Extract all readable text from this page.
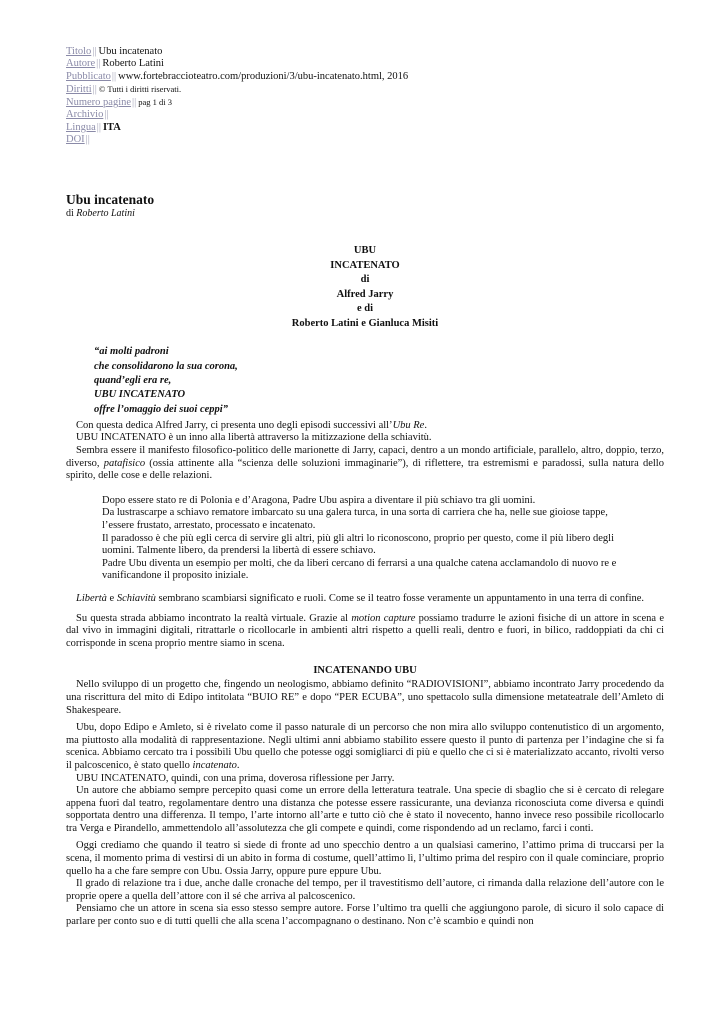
Titolo|| Ubu incatenato
Autore|| Roberto Latini
Pubblicato|| www.fortebraccioteatro.com/produzioni/3/ubu-incatenato.html, 2016
Diritti|| © Tutti i diritti riservati.
Numero pagine|| pag 1 di 3
Archivio||
Lingua|| ITA
DOI||
Ubu incatenato
di Roberto Latini
UBU
INCATENATO
di
Alfred Jarry
e di
Roberto Latini e Gianluca Misiti
“ai molti padroni
che consolidarono la sua corona,
quand’egli era re,
UBU INCATENATO
offre l’omaggio dei suoi ceppi”

Con questa dedica Alfred Jarry, ci presenta uno degli episodi successivi all’Ubu Re.

UBU INCATENATO è un inno alla libertà attraverso la mitizzazione della schiavitù.

Sembra essere il manifesto filosofico-politico delle marionette di Jarry, capaci, dentro a un mondo artificiale, parallelo, altro, doppio, terzo, diverso, patafisico (ossia attinente alla “scienza delle soluzioni immaginarie”), di riflettere, tra estremismi e paradossi, sulla natura dello spirito, delle cose e delle relazioni.

Dopo essere stato re di Polonia e d’Aragona, Padre Ubu aspira a diventare il più schiavo tra gli uomini.

Da lustrascarpe a schiavo rematore imbarcato su una galera turca, in una sorta di carriera che ha, nelle sue gioiose tappe, l’essere frustato, arrestato, processato e incatenato.

Il paradosso è che più egli cerca di servire gli altri, più gli altri lo riconoscono, proprio per questo, come il più libero degli uomini. Talmente libero, da prendersi la libertà di essere schiavo.

Padre Ubu diventa un esempio per molti, che da liberi cercano di ferrarsi a una qualche catena acclamandolo di nuovo re e vanificandone il proposito iniziale.

Libertà e Schiavitù sembrano scambiarsi significato e ruoli. Come se il teatro fosse veramente un appuntamento in una terra di confine.

Su questa strada abbiamo incontrato la realtà virtuale. Grazie al motion capture possiamo tradurre le azioni fisiche di un attore in scena e dal vivo in immagini digitali, ritrattarle o ricollocarle in ambienti altri rispetto a quelli reali, dentro e fuori, in bilico, raddoppiati da chi ci corrisponde in scena proprio mentre siamo in scena.

INCATENANDO UBU

Nello sviluppo di un progetto che, fingendo un neologismo, abbiamo definito “RADIOVISIONI”, abbiamo incontrato Jarry procedendo da una riscrittura del mito di Edipo intitolata “BUIO RE” e dopo “PER ECUBA”, uno spettacolo sulla dimensione metateatrale dell’Amleto di Shakespeare.

Ubu, dopo Edipo e Amleto, si è rivelato come il passo naturale di un percorso che non mira allo sviluppo contenutistico di un argomento, ma piuttosto alla modalità di rappresentazione. Negli ultimi anni abbiamo stabilito essere questo il punto di partenza per l’indagine che si fa scenica. Abbiamo cercato tra i possibili Ubu quello che potesse oggi somigliarci di più e quello che ci si è materializzato accanto, rivolti verso il palcoscenico, è stato quello incatenato.

UBU INCATENATO, quindi, con una prima, doverosa riflessione per Jarry.

Un autore che abbiamo sempre percepito quasi come un errore della letteratura teatrale. Una specie di sbaglio che si è cercato di relegare appena fuori dal teatro, regolamentare dentro una distanza che potesse essere rassicurante, una devianza riconosciuta come diversa e quindi sopportata dentro una differenza. Il tempo, l’arte intorno all’arte e tutto ciò che è stato il novecento, hanno invece reso possibile ricollocarlo tra Verga e Pirandello, ammettendolo all’assolutezza che gli compete e quindi, come rispondendo ad un reclamo, farci i conti.

Oggi crediamo che quando il teatro si siede di fronte ad uno specchio dentro a un qualsiasi camerino, l’attimo prima di truccarsi per la scena, il momento prima di vestirsi di un abito in forma di costume, quell’attimo lì, l’ultimo prima del respiro con il quale cominciare, proprio quello ha a che fare sempre con Ubu. Ossia Jarry, oppure pure eppure Ubu.

Il grado di relazione tra i due, anche dalle cronache del tempo, per il travestitismo dell’autore, ci rimanda dalla relazione dell’autore con le proprie opere a quella dell’attore con il sé che arriva al palcoscenico.

Pensiamo che un attore in scena sia esso stesso sempre autore. Forse l’ultimo tra quelli che aggiungono parole, di sicuro il solo capace di parlare per conto suo e di tutti quelli che alla scena l’accompagnano o destinano. Non c’è scambio e quindi non
